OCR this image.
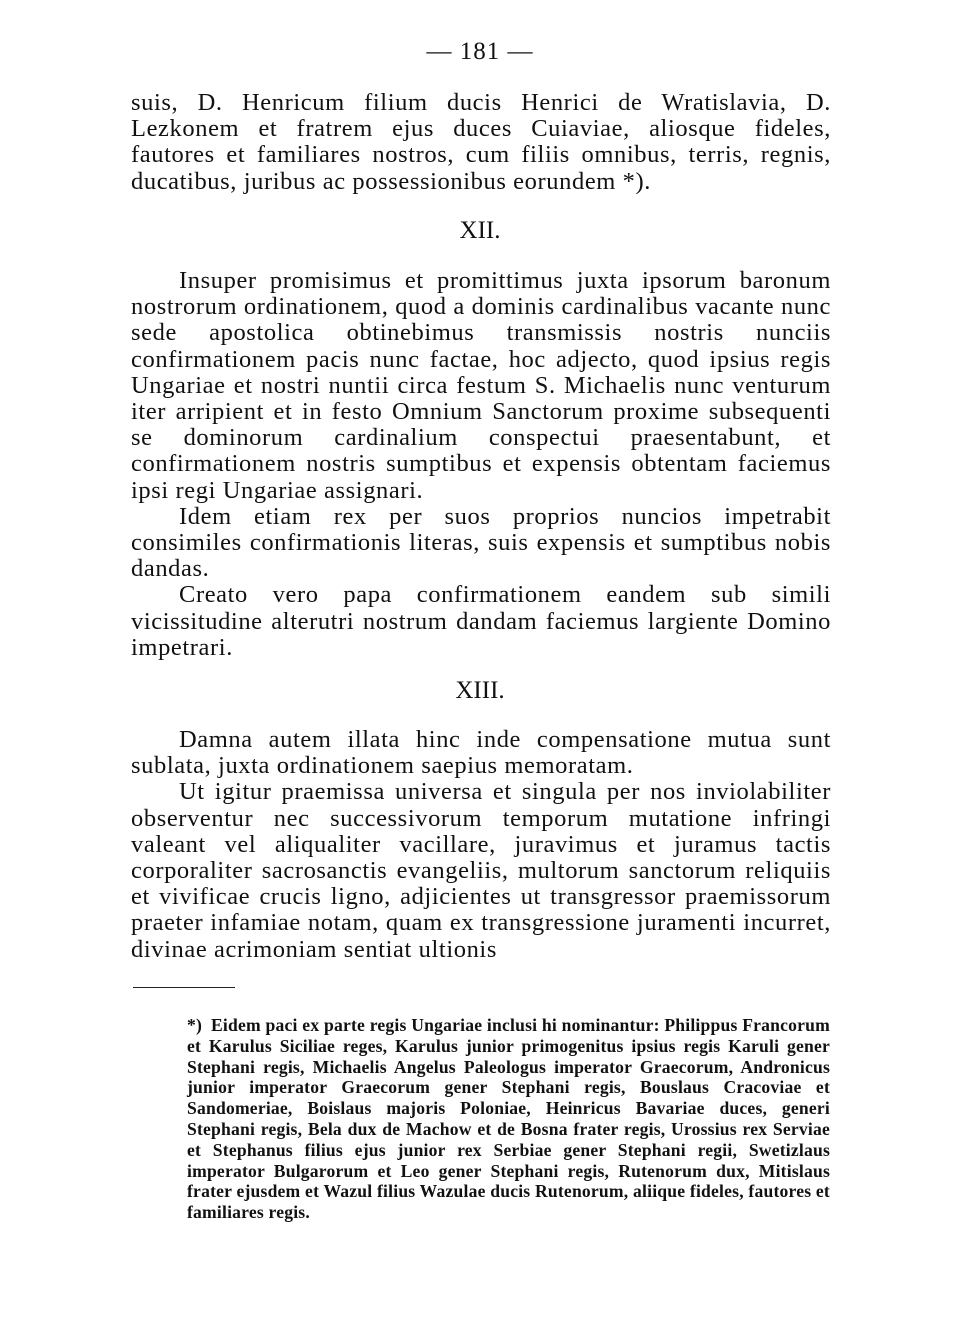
— 181 —

suis, D. Henricum filium ducis Henrici de Wratislavia, D. Lezkonem et fratrem ejus duces Cuiaviae, aliosque fideles, fautores et familiares nostros, cum filiis omnibus, terris, regnis, ducatibus, juribus ac possessionibus eorundem *).

XII.

Insuper promisimus et promittimus juxta ipsorum baronum nostrorum ordinationem, quod a dominis cardinalibus vacante nunc sede apostolica obtinebimus transmissis nostris nunciis confirmationem pacis nunc factae, hoc adjecto, quod ipsius regis Ungariae et nostri nuntii circa festum S. Michaelis nunc venturum iter arripient et in festo Omnium Sanctorum proxime subsequenti se dominorum cardinalium conspectui praesentabunt, et confirmationem nostris sumptibus et expensis obtentam faciemus ipsi regi Ungariae assignari.

Idem etiam rex per suos proprios nuncios impetrabit consimiles confirmationis literas, suis expensis et sumptibus nobis dandas.

Creato vero papa confirmationem eandem sub simili vicissitudine alterutri nostrum dandam faciemus largiente Domino impetrari.

XIII.

Damna autem illata hinc inde compensatione mutua sunt sublata, juxta ordinationem saepius memoratam.

Ut igitur praemissa universa et singula per nos inviolabiliter observentur nec successivorum temporum mutatione infringi valeant vel aliqualiter vacillare, juravimus et juramus tactis corporaliter sacrosanctis evangeliis, multorum sanctorum reliquiis et vivificae crucis ligno, adjicientes ut transgressor praemissorum praeter infamiae notam, quam ex transgressione juramenti incurret, divinae acrimoniam sentiat ultionis

*) Eidem paci ex parte regis Ungariae inclusi hi nominantur: Philippus Francorum et Karulus Siciliae reges, Karulus junior primogenitus ipsius regis Karuli gener Stephani regis, Michaelis Angelus Paleologus imperator Graecorum, Andronicus junior imperator Graecorum gener Stephani regis, Bouslaus Cracoviae et Sandomeriae, Boislaus majoris Poloniae, Heinricus Bavariae duces, generi Stephani regis, Bela dux de Machow et de Bosna frater regis, Urossius rex Serviae et Stephanus filius ejus junior rex Serbiae gener Stephani regii, Swetizlaus imperator Bulgarorum et Leo gener Stephani regis, Rutenorum dux, Mitislaus frater ejusdem et Wazul filius Wazulae ducis Rutenorum, aliique fideles, fautores et familiares regis.
